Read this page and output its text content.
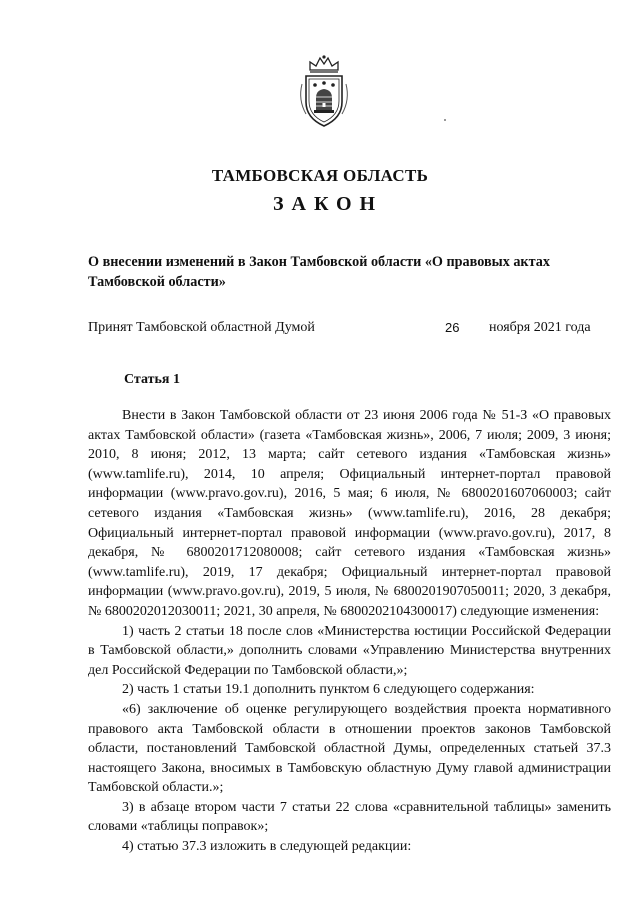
ТАМБОВСКАЯ ОБЛАСТЬ
ЗАКОН
О внесении изменений в Закон Тамбовской области «О правовых актах Тамбовской области»
Принят Тамбовской областной Думой	26 ноября 2021 года
Статья 1

Внести в Закон Тамбовской области от 23 июня 2006 года № 51-З «О правовых актах Тамбовской области» (газета «Тамбовская жизнь», 2006, 7 июля; 2009, 3 июня; 2010, 8 июня; 2012, 13 марта; сайт сетевого издания «Тамбовская жизнь» (www.tamlife.ru), 2014, 10 апреля; Официальный интернет-портал правовой информации (www.pravo.gov.ru), 2016, 5 мая; 6 июля, № 6800201607060003; сайт сетевого издания «Тамбовская жизнь» (www.tamlife.ru), 2016, 28 декабря; Официальный интернет-портал правовой информации (www.pravo.gov.ru), 2017, 8 декабря, № 6800201712080008; сайт сетевого издания «Тамбовская жизнь» (www.tamlife.ru), 2019, 17 декабря; Официальный интернет-портал правовой информации (www.pravo.gov.ru), 2019, 5 июля, № 6800201907050011; 2020, 3 декабря, № 6800202012030011; 2021, 30 апреля, № 6800202104300017) следующие изменения:

1) часть 2 статьи 18 после слов «Министерства юстиции Российской Федерации в Тамбовской области,» дополнить словами «Управлению Министерства внутренних дел Российской Федерации по Тамбовской области,»;

2) часть 1 статьи 19.1 дополнить пунктом 6 следующего содержания:

«6) заключение об оценке регулирующего воздействия проекта нормативного правового акта Тамбовской области в отношении проектов законов Тамбовской области, постановлений Тамбовской областной Думы, определенных статьей 37.3 настоящего Закона, вносимых в Тамбовскую областную Думу главой администрации Тамбовской области.»;

3) в абзаце втором части 7 статьи 22 слова «сравнительной таблицы» заменить словами «таблицы поправок»;

4) статью 37.3 изложить в следующей редакции:
